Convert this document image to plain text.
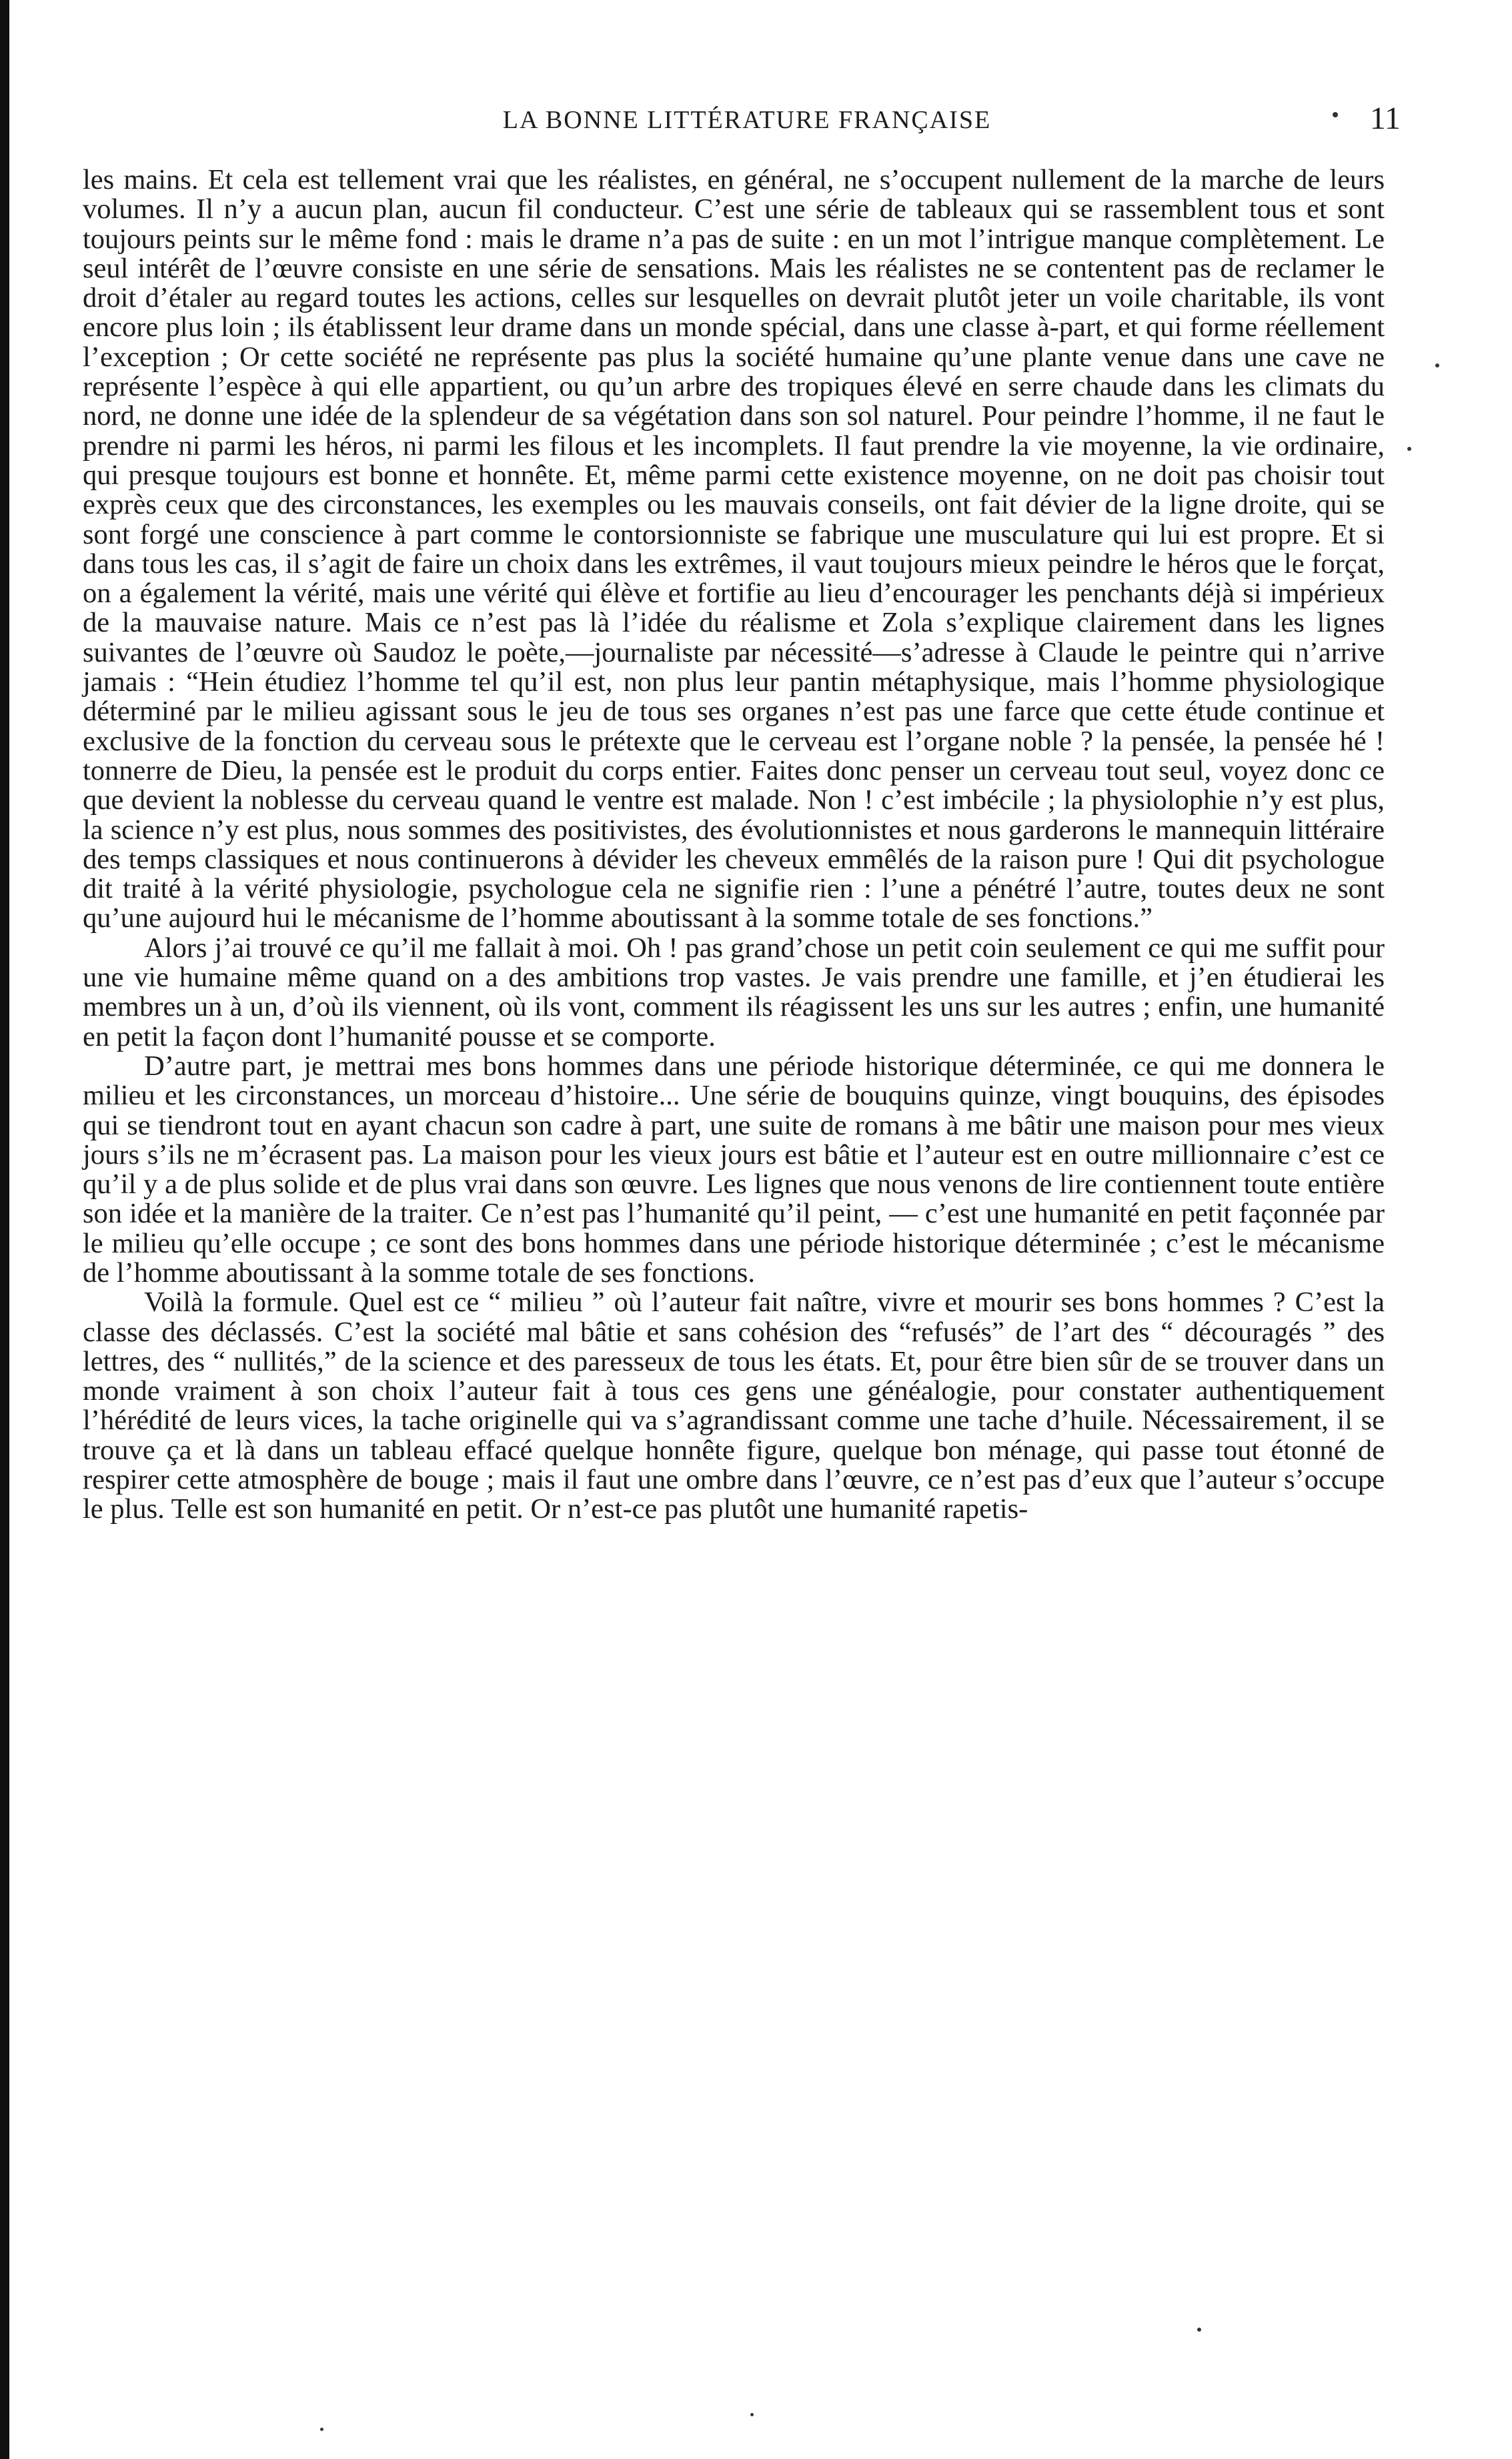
LA BONNE LITTÉRATURE FRANÇAISE	11

les mains. Et cela est tellement vrai que les réalistes, en général, ne s’occupent nullement de la marche de leurs volumes. Il n’y a aucun plan, aucun fil conducteur. C’est une série de tableaux qui se rassemblent tous et sont toujours peints sur le même fond : mais le drame n’a pas de suite : en un mot l’intrigue manque complètement. Le seul intérêt de l’œuvre consiste en une série de sensations. Mais les réalistes ne se contentent pas de reclamer le droit d’étaler au regard toutes les actions, celles sur lesquelles on devrait plutôt jeter un voile charitable, ils vont encore plus loin ; ils établissent leur drame dans un monde spécial, dans une classe à-part, et qui forme réellement l’exception ; Or cette société ne représente pas plus la société humaine qu’une plante venue dans une cave ne représente l’espèce à qui elle appartient, ou qu’un arbre des tropiques élevé en serre chaude dans les climats du nord, ne donne une idée de la splendeur de sa végétation dans son sol naturel. Pour peindre l’homme, il ne faut le prendre ni parmi les héros, ni parmi les filous et les incomplets. Il faut prendre la vie moyenne, la vie ordinaire, qui presque toujours est bonne et honnête. Et, même parmi cette existence moyenne, on ne doit pas choisir tout exprès ceux que des circonstances, les exemples ou les mauvais conseils, ont fait dévier de la ligne droite, qui se sont forgé une conscience à part comme le contorsionniste se fabrique une musculature qui lui est propre. Et si dans tous les cas, il s’agit de faire un choix dans les extrêmes, il vaut toujours mieux peindre le héros que le forçat, on a également la vérité, mais une vérité qui élève et fortifie au lieu d’encourager les penchants déjà si impérieux de la mauvaise nature. Mais ce n’est pas là l’idée du réalisme et Zola s’explique clairement dans les lignes suivantes de l’œuvre où Saudoz le poète,—journaliste par nécessité—s’adresse à Claude le peintre qui n’arrive jamais : “Hein étudiez l’homme tel qu’il est, non plus leur pantin métaphysique, mais l’homme physiologique déterminé par le milieu agissant sous le jeu de tous ses organes n’est pas une farce que cette étude continue et exclusive de la fonction du cerveau sous le prétexte que le cerveau est l’organe noble ? la pensée, la pensée hé ! tonnerre de Dieu, la pensée est le produit du corps entier. Faites donc penser un cerveau tout seul, voyez donc ce que devient la noblesse du cerveau quand le ventre est malade. Non ! c’est imbécile ; la physiolophie n’y est plus, la science n’y est plus, nous sommes des positivistes, des évolutionnistes et nous garderons le mannequin littéraire des temps classiques et nous continuerons à dévider les cheveux emmêlés de la raison pure ! Qui dit psychologue dit traité à la vérité physiologie, psychologue cela ne signifie rien : l’une a pénétré l’autre, toutes deux ne sont qu’une aujourd hui le mécanisme de l’homme aboutissant à la somme totale de ses fonctions.”

Alors j’ai trouvé ce qu’il me fallait à moi. Oh ! pas grand’chose un petit coin seulement ce qui me suffit pour une vie humaine même quand on a des ambitions trop vastes. Je vais prendre une famille, et j’en étudierai les membres un à un, d’où ils viennent, où ils vont, comment ils réagissent les uns sur les autres ; enfin, une humanité en petit la façon dont l’humanité pousse et se comporte.

D’autre part, je mettrai mes bons hommes dans une période historique déterminée, ce qui me donnera le milieu et les circonstances, un morceau d’histoire... Une série de bouquins quinze, vingt bouquins, des épisodes qui se tiendront tout en ayant chacun son cadre à part, une suite de romans à me bâtir une maison pour mes vieux jours s’ils ne m’écrasent pas. La maison pour les vieux jours est bâtie et l’auteur est en outre millionnaire c’est ce qu’il y a de plus solide et de plus vrai dans son œuvre. Les lignes que nous venons de lire contiennent toute entière son idée et la manière de la traiter. Ce n’est pas l’humanité qu’il peint, — c’est une humanité en petit façonnée par le milieu qu’elle occupe ; ce sont des bons hommes dans une période historique déterminée ; c’est le mécanisme de l’homme aboutissant à la somme totale de ses fonctions.

Voilà la formule. Quel est ce “ milieu ” où l’auteur fait naître, vivre et mourir ses bons hommes ? C’est la classe des déclassés. C’est la société mal bâtie et sans cohésion des “refusés” de l’art des “ découragés ” des lettres, des “ nullités,” de la science et des paresseux de tous les états. Et, pour être bien sûr de se trouver dans un monde vraiment à son choix l’auteur fait à tous ces gens une généalogie, pour constater authentiquement l’hérédité de leurs vices, la tache originelle qui va s’agrandissant comme une tache d’huile. Nécessairement, il se trouve ça et là dans un tableau effacé quelque honnête figure, quelque bon ménage, qui passe tout étonné de respirer cette atmosphère de bouge ; mais il faut une ombre dans l’œuvre, ce n’est pas d’eux que l’auteur s’occupe le plus. Telle est son humanité en petit. Or n’est-ce pas plutôt une humanité rapetis-
